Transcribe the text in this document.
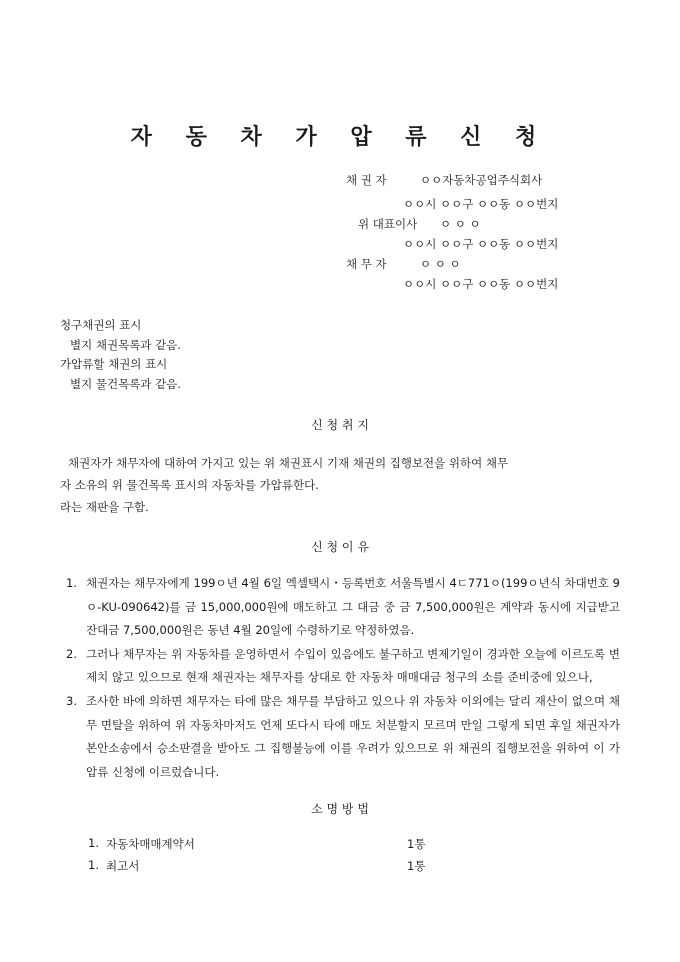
자 동 차 가 압 류 신 청
채 권 자	ㅇㅇ자동차공업주식회사
ㅇㅇ시 ㅇㅇ구 ㅇㅇ동 ㅇㅇ번지
위 대표이사 ㅇ ㅇ ㅇ
ㅇㅇ시 ㅇㅇ구 ㅇㅇ동 ㅇㅇ번지
채 무 자	ㅇ ㅇ ㅇ
ㅇㅇ시 ㅇㅇ구 ㅇㅇ동 ㅇㅇ번지
청구채권의 표시
별지 채권목록과 같음.
가압류할 채권의 표시
별지 물건목록과 같음.
신 청 취 지
채권자가 채무자에 대하여 가지고 있는 위 채권표시 기재 채권의 집행보전을 위하여 채무
자 소유의 위 물건목록 표시의 자동차를 가압류한다.
라는 재판을 구함.
신 청 이 유
1. 채권자는 채무자에게 199ㅇ년 4월 6일 엑셀택시・등록번호 서울특별시 4ㄷ771ㅇ(199ㅇ년식 차대번호 9ㅇ-KU-090642)를 금 15,000,000원에 매도하고 그 대금 중 금 7,500,000원은 계약과 동시에 지급받고 잔대금 7,500,000원은 동년 4월 20일에 수령하기로 약정하였음.
2. 그러나 채무자는 위 자동차를 운영하면서 수입이 있음에도 불구하고 변제기일이 경과한 오늘에 이르도록 변제치 않고 있으므로 현재 채권자는 채무자를 상대로 한 자동차 매매대금 청구의 소를 준비중에 있으나,
3. 조사한 바에 의하면 채무자는 타에 많은 채무를 부담하고 있으나 위 자동차 이외에는 달리 재산이 없으며 채무 면탈을 위하여 위 자동차마저도 언제 또다시 타에 매도 처분할지 모르며 만일 그렇게 되면 후일 채권자가 본안소송에서 승소판결을 받아도 그 집행불능에 이를 우려가 있으므로 위 채권의 집행보전을 위하여 이 가압류 신청에 이르렀습니다.
소 명 방 법
1. 자동차매매계약서	1통
1. 최고서	1통
